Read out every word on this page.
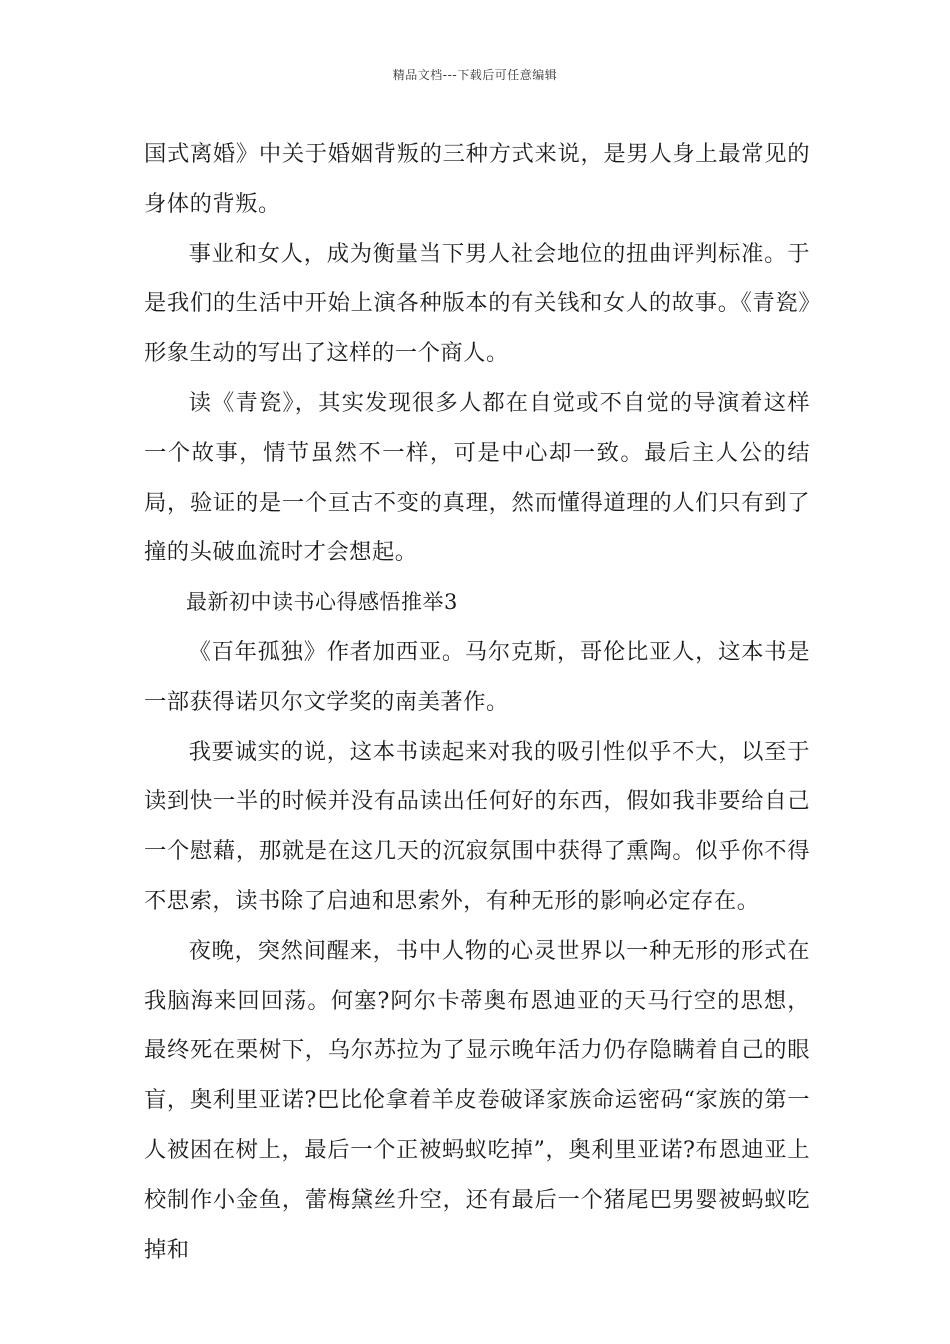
精品文档---下载后可任意编辑

国式离婚》中关于婚姻背叛的三种方式来说，是男人身上最常见的身体的背叛。

事业和女人，成为衡量当下男人社会地位的扭曲评判标准。于是我们的生活中开始上演各种版本的有关钱和女人的故事。《青瓷》形象生动的写出了这样的一个商人。

读《青瓷》，其实发现很多人都在自觉或不自觉的导演着这样一个故事，情节虽然不一样，可是中心却一致。最后主人公的结局，验证的是一个亘古不变的真理，然而懂得道理的人们只有到了撞的头破血流时才会想起。

最新初中读书心得感悟推举3

《百年孤独》作者加西亚。马尔克斯，哥伦比亚人，这本书是一部获得诺贝尔文学奖的南美著作。

我要诚实的说，这本书读起来对我的吸引性似乎不大，以至于读到快一半的时候并没有品读出任何好的东西，假如我非要给自己一个慰藉，那就是在这几天的沉寂氛围中获得了熏陶。似乎你不得不思索，读书除了启迪和思索外，有种无形的影响必定存在。

夜晚，突然间醒来，书中人物的心灵世界以一种无形的形式在我脑海来回回荡。何塞?阿尔卡蒂奥布恩迪亚的天马行空的思想，最终死在栗树下，乌尔苏拉为了显示晚年活力仍存隐瞒着自己的眼盲，奥利里亚诺?巴比伦拿着羊皮卷破译家族命运密码“家族的第一人被困在树上，最后一个正被蚂蚁吃掉”，奥利里亚诺?布恩迪亚上校制作小金鱼，蕾梅黛丝升空，还有最后一个猪尾巴男婴被蚂蚁吃掉和
